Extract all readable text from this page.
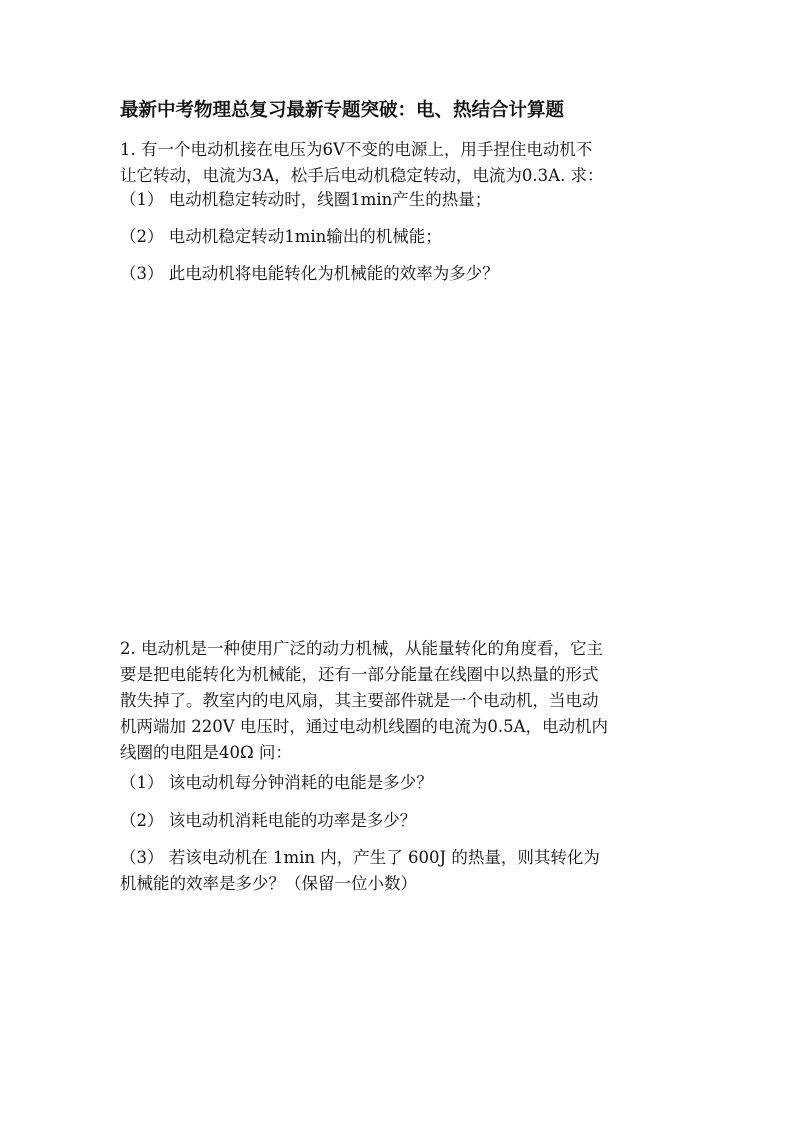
最新中考物理总复习最新专题突破：电、热结合计算题
1. 有一个电动机接在电压为6V不变的电源上，用手捏住电动机不
让它转动，电流为3A，松手后电动机稳定转动，电流为0.3A. 求：
（1） 电动机稳定转动时，线圈1min产生的热量；
（2） 电动机稳定转动1min输出的机械能；
（3） 此电动机将电能转化为机械能的效率为多少？
2. 电动机是一种使用广泛的动力机械，从能量转化的角度看，它主
要是把电能转化为机械能，还有一部分能量在线圈中以热量的形式
散失掉了。教室内的电风扇，其主要部件就是一个电动机，当电动
机两端加 220V 电压时，通过电动机线圈的电流为0.5A，电动机内
线圈的电阻是40Ω 问：
（1） 该电动机每分钟消耗的电能是多少？
（2） 该电动机消耗电能的功率是多少？
（3） 若该电动机在 1min 内，产生了 600J 的热量，则其转化为
机械能的效率是多少？（保留一位小数）
